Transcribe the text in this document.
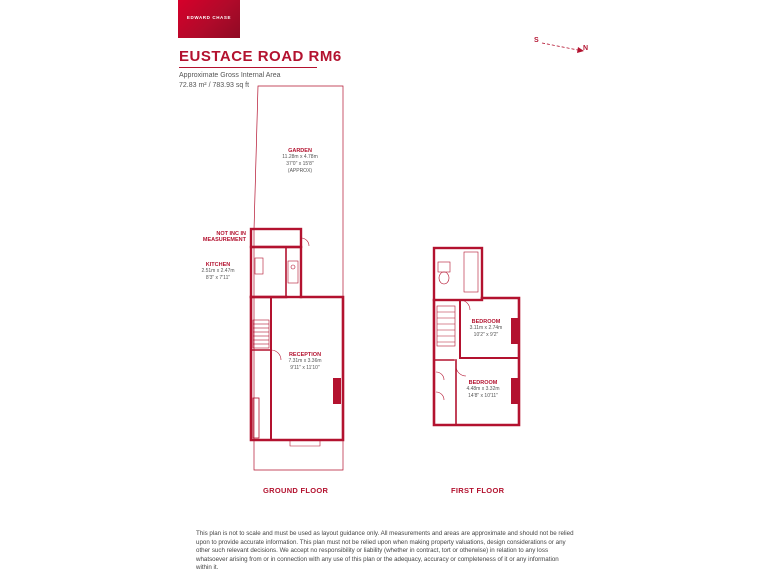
EDWARD CHASE
EUSTACE ROAD RM6
Approximate Gross Internal Area
72.83 m² / 783.93 sq ft
S
N
GARDEN
11.28m x 4.78m
37'0" x 15'8"
(APPROX)
NOT INC IN
MEASUREMENT
KITCHEN
2.51m x 2.47m
8'3" x 7'11"
RECEPTION
7.31m x 3.36m
9'11" x 11'10"
BEDROOM
3.11m x 2.74m
10'2" x 9'2"
BEDROOM
4.48m x 3.32m
14'8" x 10'11"
GROUND FLOOR	FIRST FLOOR
This plan is not to scale and must be used as layout guidance only. All measurements and areas are approximate and should not be relied upon to provide accurate information. This plan must not be relied upon when making property valuations, design considerations or any other such relevant decisions. We accept no responsibility or liability (whether in contract, tort or otherwise) in relation to any loss whatsoever arising from or in connection with any use of this plan or the adequacy, accuracy or completeness of it or any information within it.
